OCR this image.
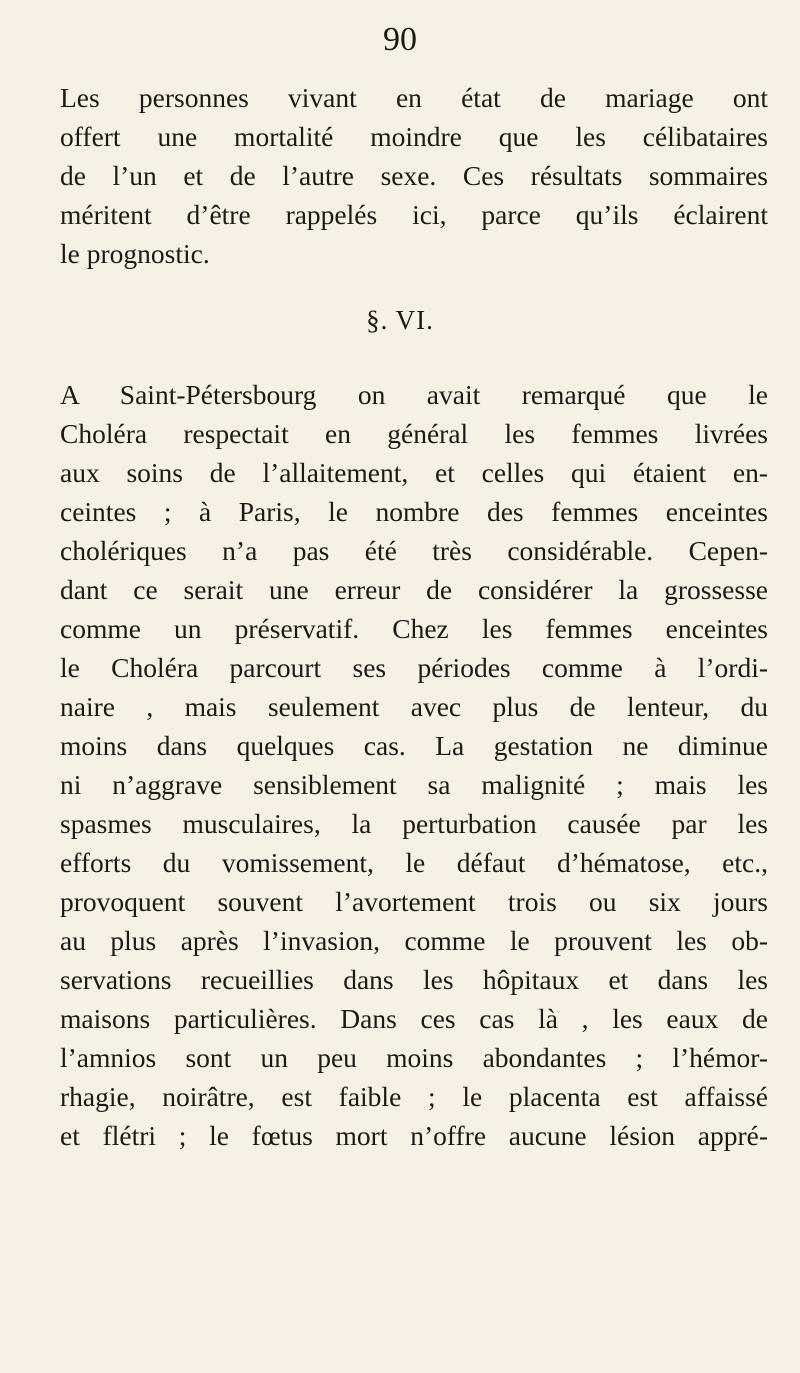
90
Les personnes vivant en état de mariage ont
offert une mortalité moindre que les célibataires
de l’un et de l’autre sexe. Ces résultats sommaires
méritent d’être rappelés ici, parce qu’ils éclairent
le prognostic.
§. VI.
A Saint-Pétersbourg on avait remarqué que le
Choléra respectait en général les femmes livrées
aux soins de l’allaitement, et celles qui étaient en-
ceintes ; à Paris, le nombre des femmes enceintes
cholériques n’a pas été très considérable. Cepen-
dant ce serait une erreur de considérer la grossesse
comme un préservatif. Chez les femmes enceintes
le Choléra parcourt ses périodes comme à l’ordi-
naire , mais seulement avec plus de lenteur, du
moins dans quelques cas. La gestation ne diminue
ni n’aggrave sensiblement sa malignité ; mais les
spasmes musculaires, la perturbation causée par les
efforts du vomissement, le défaut d’hématose, etc.,
provoquent souvent l’avortement trois ou six jours
au plus après l’invasion, comme le prouvent les ob-
servations recueillies dans les hôpitaux et dans les
maisons particulières. Dans ces cas là , les eaux de
l’amnios sont un peu moins abondantes ; l’hémor-
rhagie, noirâtre, est faible ; le placenta est affaissé
et flétri ; le fœtus mort n’offre aucune lésion appré-
